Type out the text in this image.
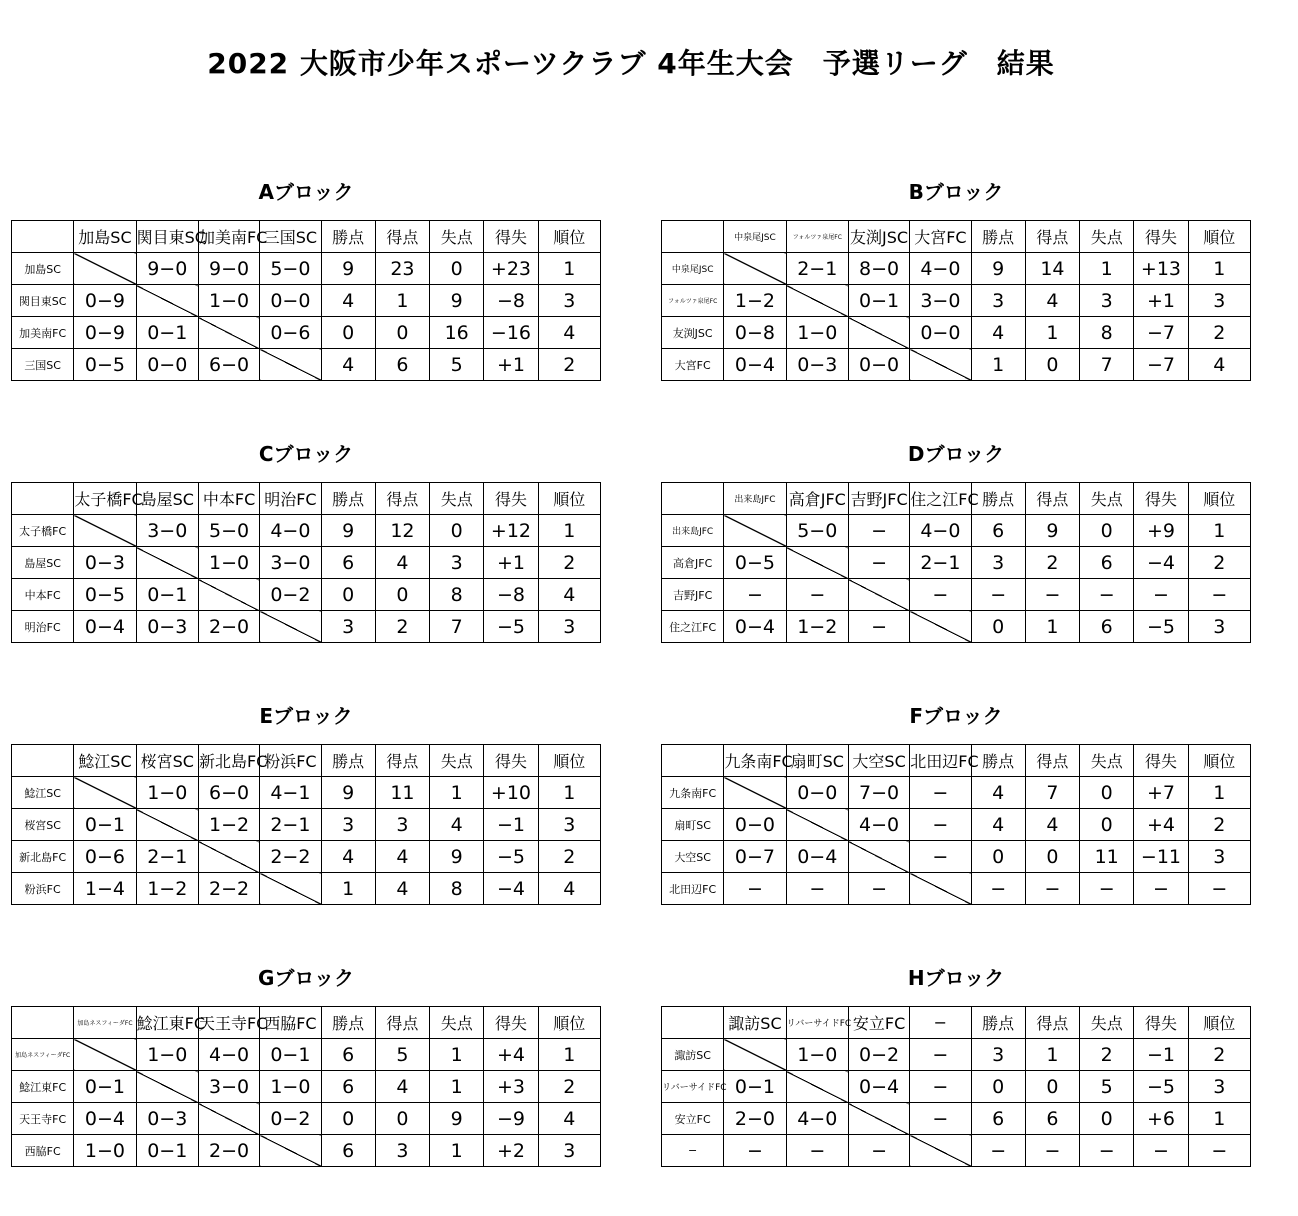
2022 大阪市少年スポーツクラブ 4年生大会　予選リーグ　結果
Aブロック
	加島SC	関目東SC	加美南FC	三国SC	勝点	得点	失点	得失	順位
加島SC		9−0	9−0	5−0	9	23	0	+23	1
関目東SC	0−9		1−0	0−0	4	1	9	−8	3
加美南FC	0−9	0−1		0−6	0	0	16	−16	4
三国SC	0−5	0−0	6−0		4	6	5	+1	2
Bブロック
	中泉尾JSC	フォルツァ泉尾FC	友渕JSC	大宮FC	勝点	得点	失点	得失	順位
中泉尾JSC		2−1	8−0	4−0	9	14	1	+13	1
フォルツァ泉尾FC	1−2		0−1	3−0	3	4	3	+1	3
友渕JSC	0−8	1−0		0−0	4	1	8	−7	2
大宮FC	0−4	0−3	0−0		1	0	7	−7	4
Cブロック
	太子橋FC	島屋SC	中本FC	明治FC	勝点	得点	失点	得失	順位
太子橋FC		3−0	5−0	4−0	9	12	0	+12	1
島屋SC	0−3		1−0	3−0	6	4	3	+1	2
中本FC	0−5	0−1		0−2	0	0	8	−8	4
明治FC	0−4	0−3	2−0		3	2	7	−5	3
Dブロック
	出来島JFC	高倉JFC	吉野JFC	住之江FC	勝点	得点	失点	得失	順位
出来島JFC		5−0	−	4−0	6	9	0	+9	1
高倉JFC	0−5		−	2−1	3	2	6	−4	2
吉野JFC	−	−		−	−	−	−	−	−
住之江FC	0−4	1−2	−		0	1	6	−5	3
Eブロック
	鯰江SC	桜宮SC	新北島FC	粉浜FC	勝点	得点	失点	得失	順位
鯰江SC		1−0	6−0	4−1	9	11	1	+10	1
桜宮SC	0−1		1−2	2−1	3	3	4	−1	3
新北島FC	0−6	2−1		2−2	4	4	9	−5	2
粉浜FC	1−4	1−2	2−2		1	4	8	−4	4
Fブロック
	九条南FC	扇町SC	大空SC	北田辺FC	勝点	得点	失点	得失	順位
九条南FC		0−0	7−0	−	4	7	0	+7	1
扇町SC	0−0		4−0	−	4	4	0	+4	2
大空SC	0−7	0−4		−	0	0	11	−11	3
北田辺FC	−	−	−		−	−	−	−	−
Gブロック
	加島ネスフィーダFC	鯰江東FC	天王寺FC	西脇FC	勝点	得点	失点	得失	順位
加島ネスフィーダFC		1−0	4−0	0−1	6	5	1	+4	1
鯰江東FC	0−1		3−0	1−0	6	4	1	+3	2
天王寺FC	0−4	0−3		0−2	0	0	9	−9	4
西脇FC	1−0	0−1	2−0		6	3	1	+2	3
Hブロック
	諏訪SC	リバーサイドFC	安立FC	−	勝点	得点	失点	得失	順位
諏訪SC		1−0	0−2	−	3	1	2	−1	2
リバーサイドFC	0−1		0−4	−	0	0	5	−5	3
安立FC	2−0	4−0		−	6	6	0	+6	1
−	−	−	−		−	−	−	−	−
